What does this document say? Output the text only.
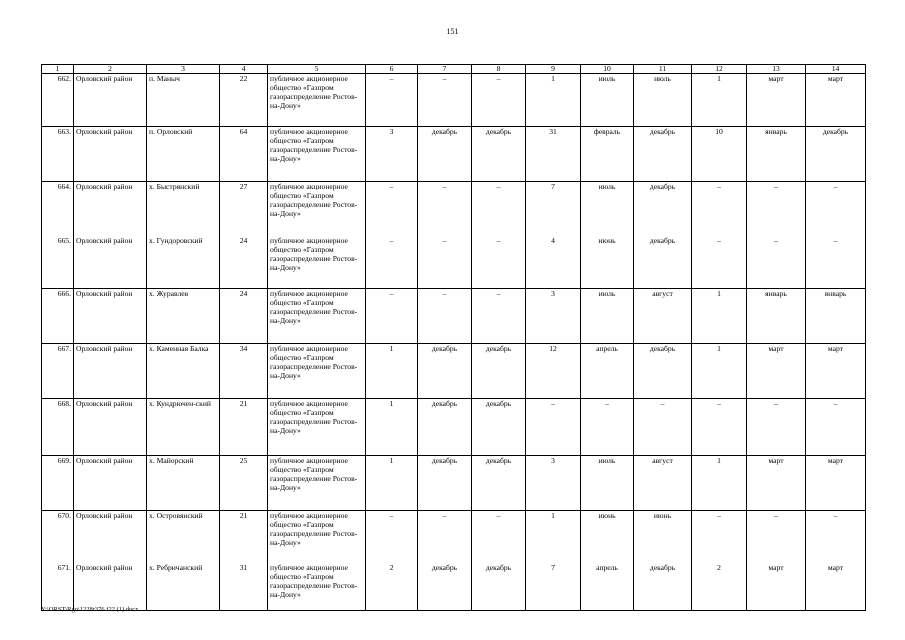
151
1	2	3	4	5	6	7	8	9	10	11	12	13	14
662.	Орловский район	п. Маныч	22	публичное акционерное общество «Газпром газораспределение Ростов-на-Дону»	–	–	–	1	июль	июль	1	март	март
663.	Орловский район	п. Орловский	64	публичное акционерное общество «Газпром газораспределение Ростов-на-Дону»	3	декабрь	декабрь	31	февраль	декабрь	10	январь	декабрь
664.	Орловский район	х. Быстрянский	27	публичное акционерное общество «Газпром газораспределение Ростов-на-Дону»	–	–	–	7	июль	декабрь	–	–	–
665.	Орловский район	х. Гундоровский	24	публичное акционерное общество «Газпром газораспределение Ростов-на-Дону»	–	–	–	4	июнь	декабрь	–	–	–
666.	Орловский район	х. Журавлев	24	публичное акционерное общество «Газпром газораспределение Ростов-на-Дону»	–	–	–	3	июль	август	1	январь	январь
667.	Орловский район	х. Каменная Балка	34	публичное акционерное общество «Газпром газораспределение Ростов-на-Дону»	1	декабрь	декабрь	12	апрель	декабрь	1	март	март
668.	Орловский район	х. Кундрючен-ский	21	публичное акционерное общество «Газпром газораспределение Ростов-на-Дону»	1	декабрь	декабрь	–	–	–	–	–	–
669.	Орловский район	х. Майорский	25	публичное акционерное общество «Газпром газораспределение Ростов-на-Дону»	1	декабрь	декабрь	3	июль	август	1	март	март
670.	Орловский район	х. Островянский	21	публичное акционерное общество «Газпром газораспределение Ростов-на-Дону»	–	–	–	1	июнь	июнь	–	–	–
671.	Орловский район	х. Ребричанский	31	публичное акционерное общество «Газпром газораспределение Ростов-на-Дону»	2	декабрь	декабрь	7	апрель	декабрь	2	март	март
Y:\ORST\Rgo\1228r376.f22 (1).docx
